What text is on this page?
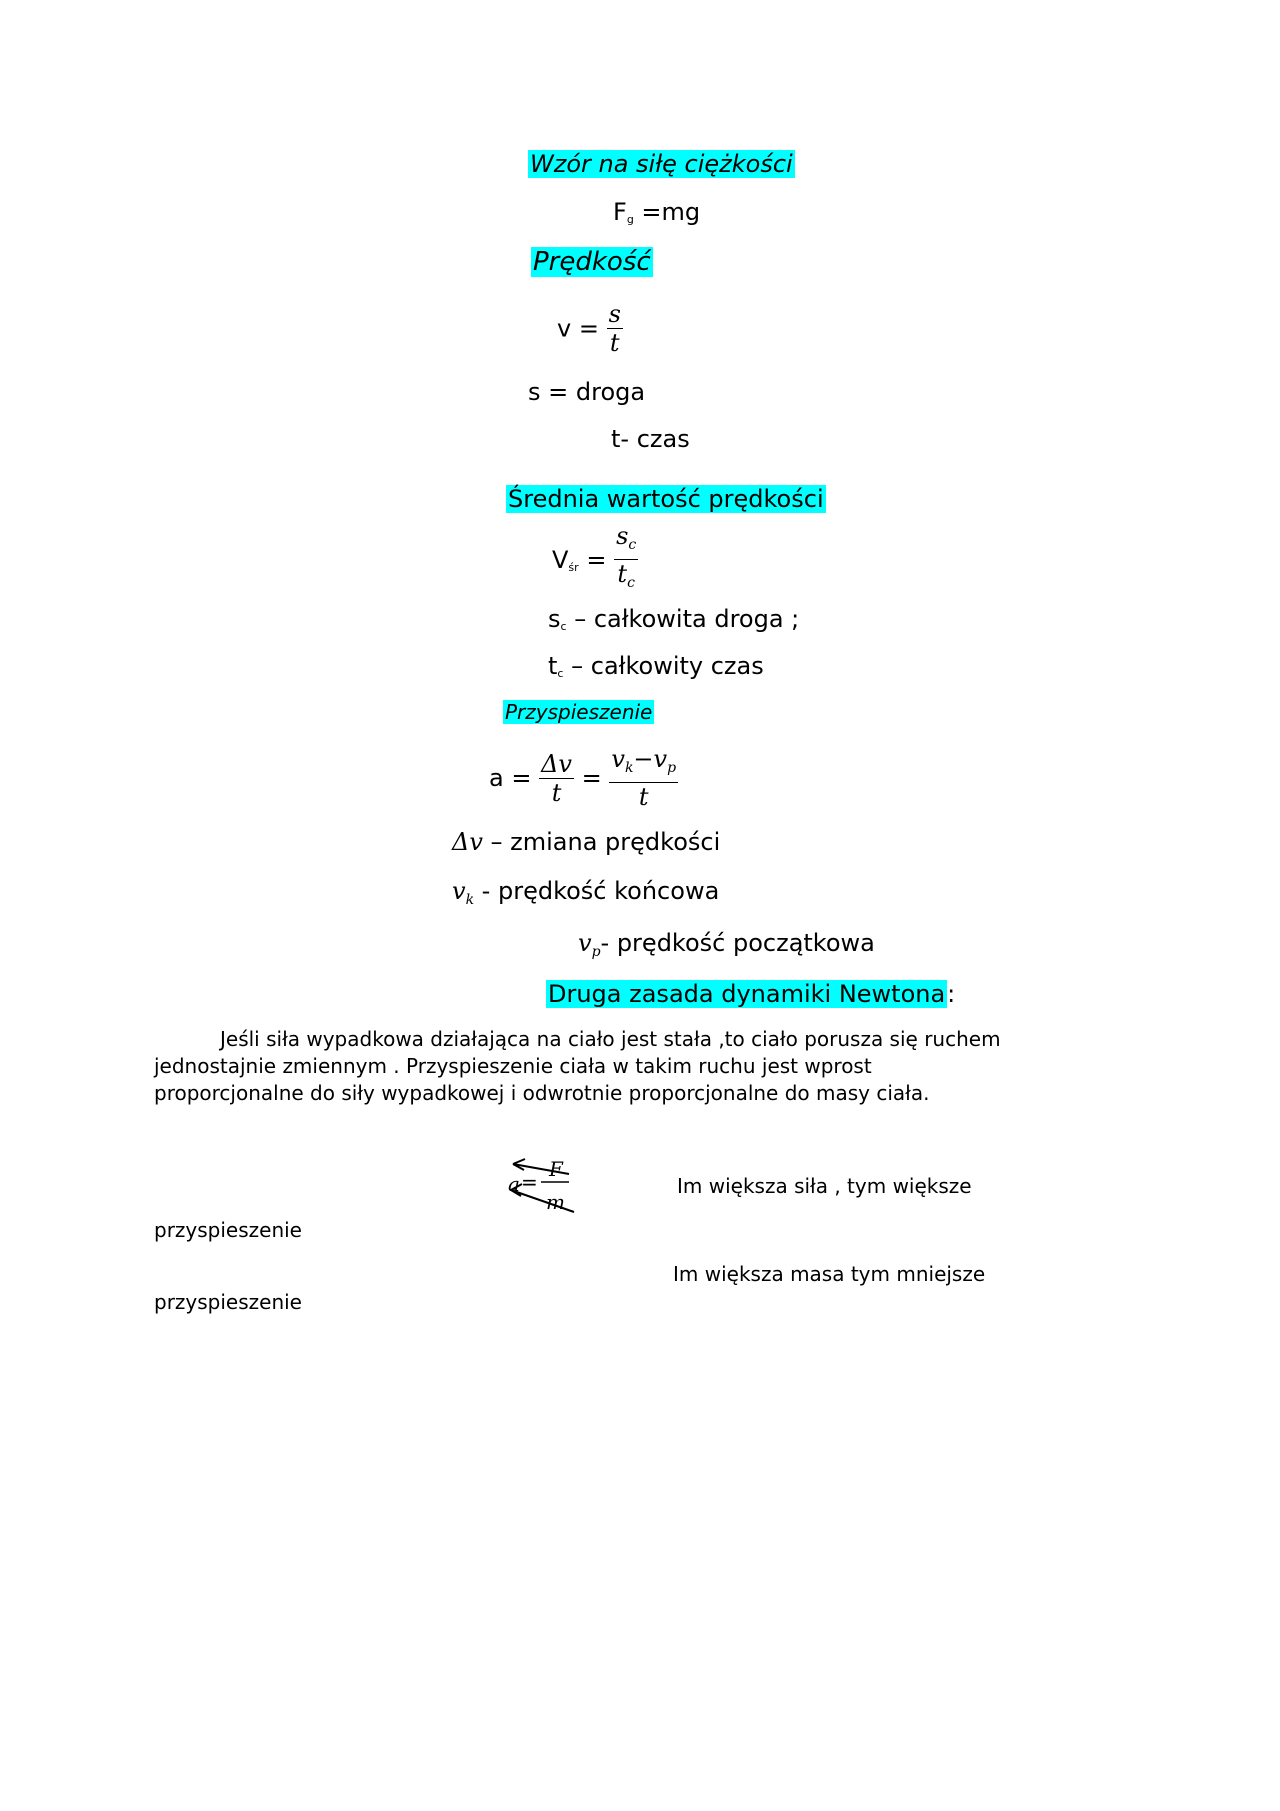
Wzór na siłę ciężkości
$F_g =mg$
Prędkość
$v = \frac{s}{t}$
s = droga
t- czas
Średnia wartość prędkości
$V_{śr} = \frac{s_c}{t_c}$
$s_c$ – całkowita droga ;
$t_c$ – całkowity czas
Przyspieszenie
$a = \frac{\Delta v}{t} = \frac{v_k-v_p}{t}$
Δv – zmiana prędkości
$v_k$ - prędkość końcowa
$v_p-$ prędkość początkowa
Druga zasada dynamiki Newtona:
Jeśli siła wypadkowa działająca na ciało jest stała ,to ciało porusza się ruchem jednostajnie zmiennym . Przyspieszenie ciała w takim ruchu jest wprost proporcjonalne do siły wypadkowej i odwrotnie proporcjonalne do masy ciała.
a =
F
m
Im większa siła , tym większe
przyspieszenie
Im większa masa tym mniejsze
przyspieszenie
